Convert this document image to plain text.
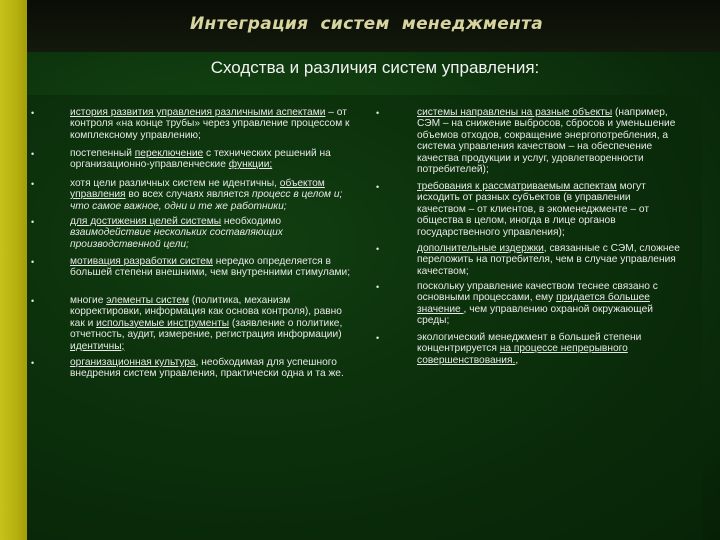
Интеграция систем менеджмента
Сходства и различия систем управления:
•	история развития управления различными аспектами – от контроля «на конце трубы» через управление процессом к комплексному управлению;
•	постепенный переключение с технических решений на организационно-управленческие функции;
•	хотя цели различных систем не идентичны, объектом управления во всех случаях является процесс в целом и; что самое важное, одни и те же работники;
•	для достижения целей системы необходимо взаимодействие нескольких составляющих производственной цели;
•	мотивация разработки систем нередко определяется в большей степени внешними, чем внутренними стимулами;
•	многие элементы систем (политика, механизм корректировки, информация как основа контроля), равно как и используемые инструменты (заявление о политике, отчетность, аудит, измерение, регистрация информации) идентичны;
•	организационная культура, необходимая для успешного внедрения систем управления, практически одна и та же.
•	системы направлены на разные объекты (например, СЭМ – на снижение выбросов, сбросов и уменьшение объемов отходов, сокращение энергопотребления, а система управления качеством – на обеспечение качества продукции и услуг, удовлетворенности потребителей);
•	требования к рассматриваемым аспектам могут исходить от разных субъектов (в управлении качеством – от клиентов, в экоменеджменте – от общества в целом, иногда в лице органов государственного управления);
•	дополнительные издержки, связанные с СЭМ, сложнее переложить на потребителя, чем в случае управления качеством;
•	поскольку управление качеством теснее связано с основными процессами, ему придается большее значение , чем управлению охраной окружающей среды;
•	экологический менеджмент в большей степени концентрируется на процессе непрерывного совершенствования.,
